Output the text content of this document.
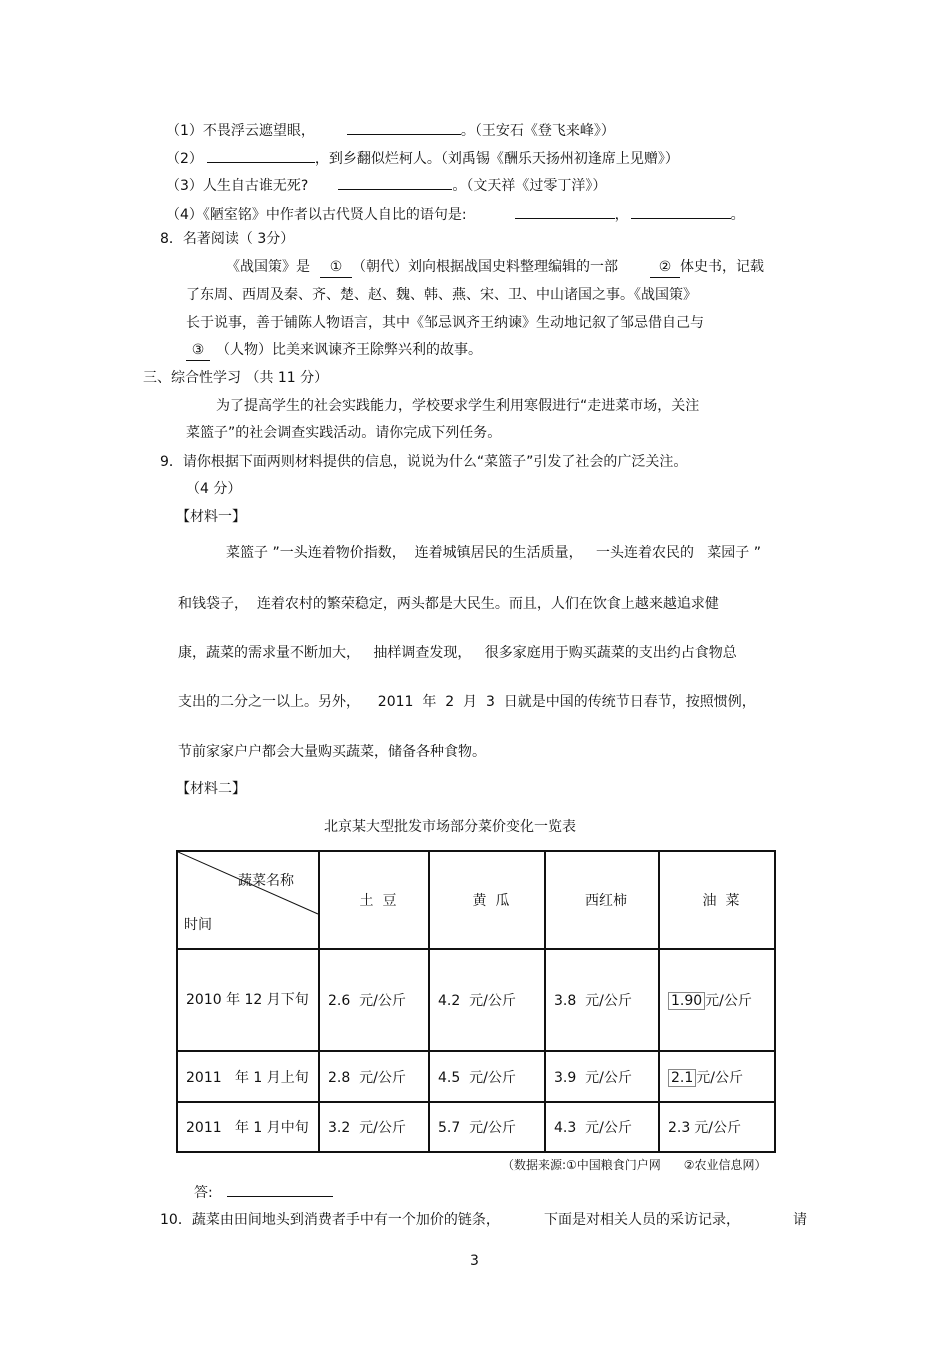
（1）不畏浮云遮望眼，	。（王安石《登飞来峰》）
（2）	，到乡翻似烂柯人。（刘禹锡《酬乐天扬州初逢席上见赠》）
（3）人生自古谁无死?	。（文天祥《过零丁洋》）
（4）《陋室铭》中作者以古代贤人自比的语句是:	，	。
8．名著阅读（ 3分）
《战国策》是 ① （朝代）刘向根据战国史料整理编辑的一部	② 体史书，记载
了东周、西周及秦、齐、楚、赵、魏、韩、燕、宋、卫、中山诸国之事。《战国策》
长于说事，善于铺陈人物语言，其中《邹忌讽齐王纳谏》生动地记叙了邹忌借自己与
③ （人物）比美来讽谏齐王除弊兴利的故事。
三、综合性学习 （共 11 分）
为了提高学生的社会实践能力，学校要求学生利用寒假进行“走进菜市场，关注
菜篮子”的社会调查实践活动。请你完成下列任务。
9．请你根据下面两则材料提供的信息，说说为什么“菜篮子”引发了社会的广泛关注。
（4 分）
【材料一】
菜篮子 ”一头连着物价指数，  连着城镇居民的生活质量，   一头连着农民的   菜园子 ”
和钱袋子，  连着农村的繁荣稳定，两头都是大民生。而且，人们在饮食上越来越追求健
康，蔬菜的需求量不断加大，   抽样调查发现，   很多家庭用于购买蔬菜的支出约占食物总
支出的二分之一以上。另外，    2011  年  2  月  3  日就是中国的传统节日春节，按照惯例，
节前家家户户都会大量购买蔬菜，储备各种食物。
【材料二】
北京某大型批发市场部分菜价变化一览表
蔬菜名称
时间	土  豆	黄  瓜	西红柿	油  菜
2010 年 12 月下旬	2.6  元/公斤	4.2  元/公斤	3.8  元/公斤	1.90 元/公斤
2011   年 1 月上旬	2.8  元/公斤	4.5  元/公斤	3.9  元/公斤	2.1 元/公斤
2011   年 1 月中旬	3.2  元/公斤	5.7  元/公斤	4.3  元/公斤	2.3 元/公斤
（数据来源:①中国粮食门户网      ②农业信息网）
答:
10．蔬菜由田间地头到消费者手中有一个加价的链条，	下面是对相关人员的采访记录，	请
3
